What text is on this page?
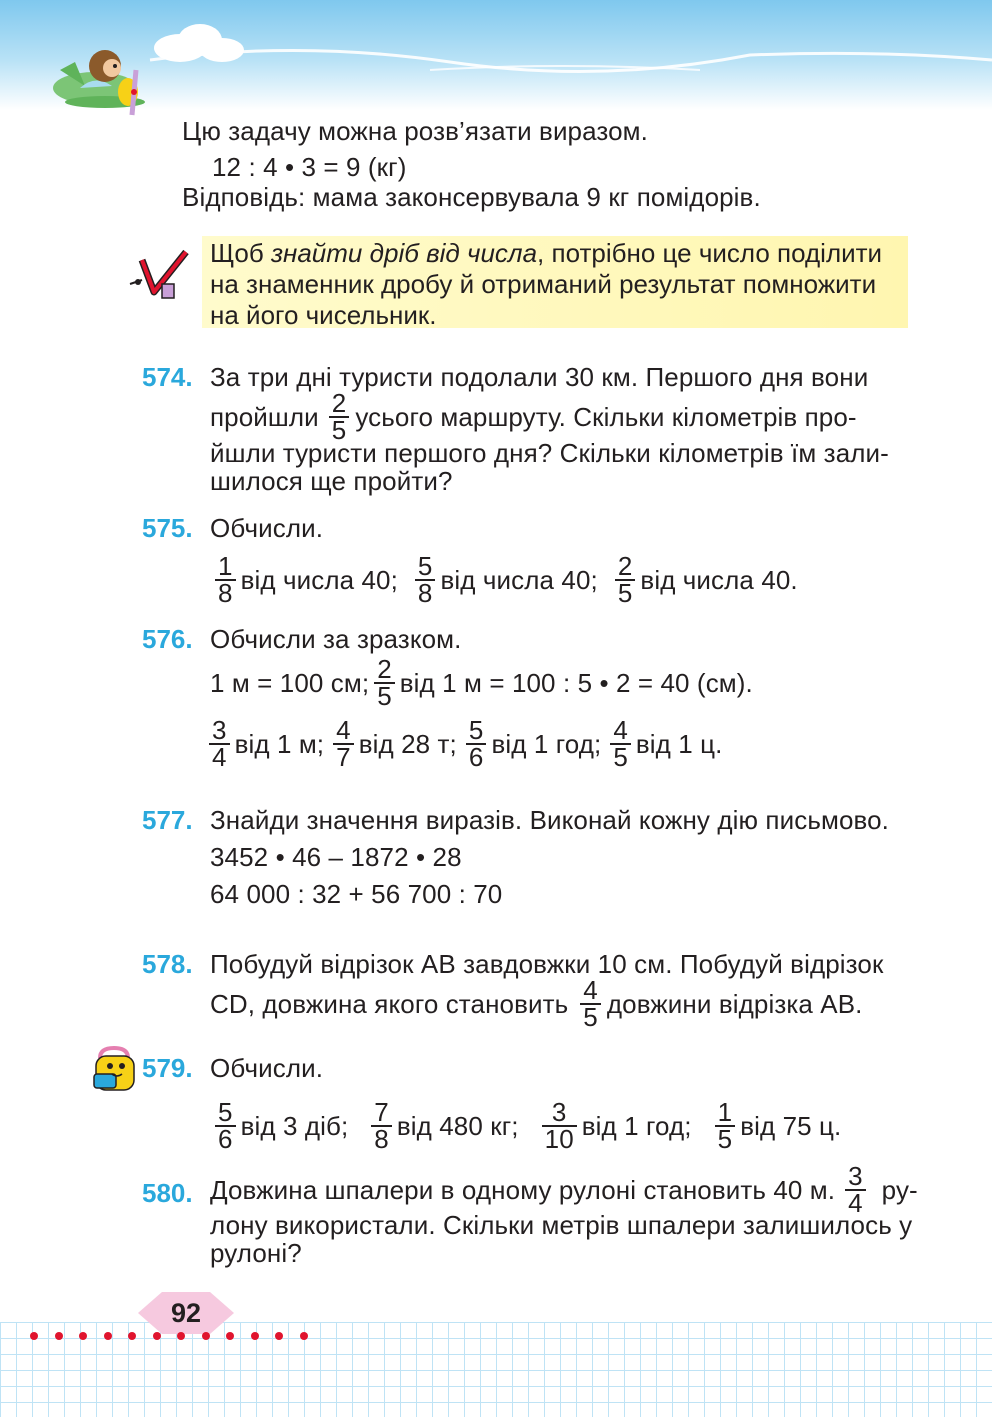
Цю задачу можна розв’язати виразом.
12 : 4 • 3 = 9 (кг)
Відповідь: мама законсервувала 9 кг помідорів.
Щоб знайти дріб від числа, потрібно це число поділити
на знаменник дробу й отриманий результат помножити
на його чисельник.
574. За три дні туристи подолали 30 км. Першого дня вони
пройшли $\frac{2}{5}$ усього маршруту. Скільки кілометрів про-
йшли туристи першого дня? Скільки кілометрів їм зали-
шилося ще пройти?
575. Обчисли.
$\frac{1}{8}$ від числа 40; $\frac{5}{8}$ від числа 40; $\frac{2}{5}$ від числа 40.
576. Обчисли за зразком.
1 м = 100 см; $\frac{2}{5}$ від 1 м = 100 : 5 • 2 = 40 (см).
$\frac{3}{4}$ від 1 м; $\frac{4}{7}$ від 28 т; $\frac{5}{6}$ від 1 год; $\frac{4}{5}$ від 1 ц.
577. Знайди значення виразів. Виконай кожну дію письмово.
3452 • 46 – 1872 • 28
64 000 : 32 + 56 700 : 70
578. Побудуй відрізок AB завдовжки 10 см. Побудуй відрізок
CD, довжина якого становить $\frac{4}{5}$ довжини відрізка AB.
579. Обчисли.
$\frac{5}{6}$ від 3 діб; $\frac{7}{8}$ від 480 кг; $\frac{3}{10}$ від 1 год; $\frac{1}{5}$ від 75 ц.
580. Довжина шпалери в одному рулоні становить 40 м. $\frac{3}{4} ру-$
лону використали. Скільки метрів шпалери залишилось у
рулоні?
92
